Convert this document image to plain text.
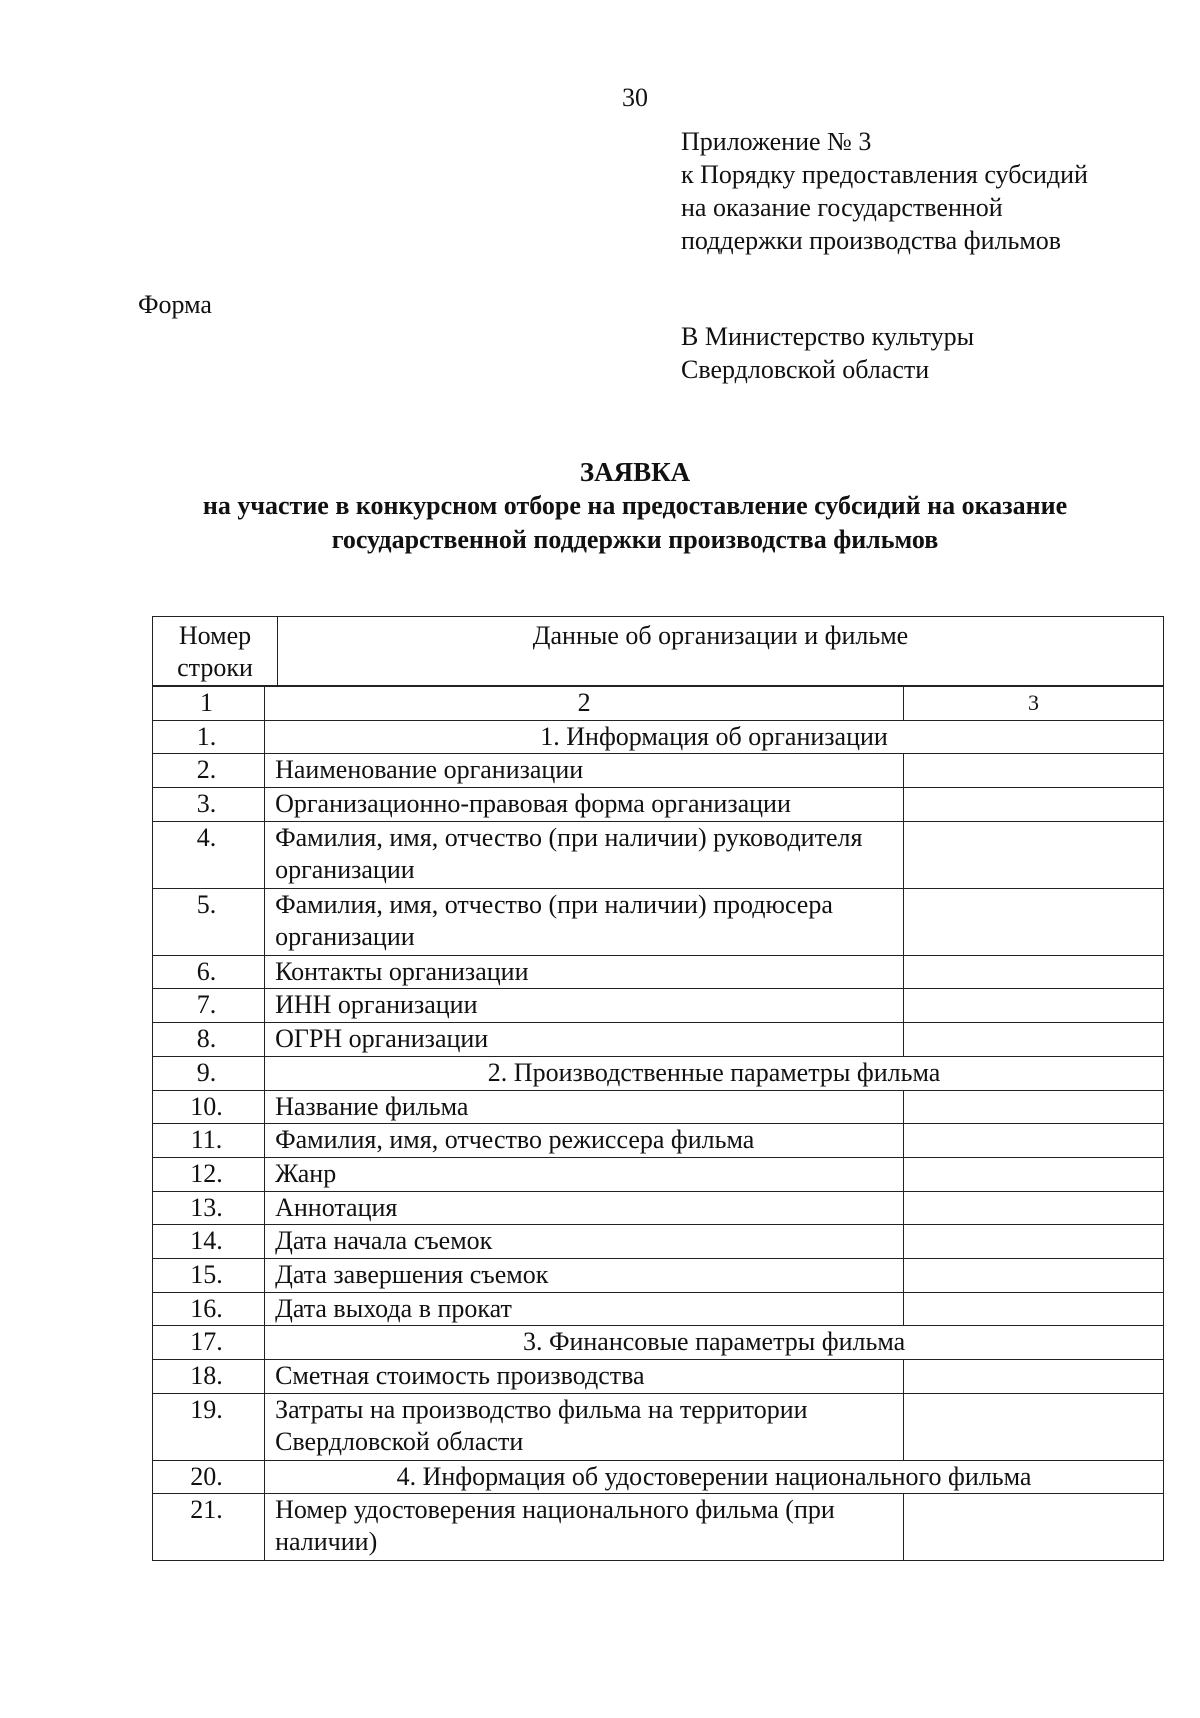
30
Приложение № 3
к Порядку предоставления субсидий
на оказание государственной
поддержки производства фильмов
Форма
В Министерство культуры
Свердловской области
ЗАЯВКА
на участие в конкурсном отборе на предоставление субсидий на оказание
государственной поддержки производства фильмов
Номер строки	Данные об организации и фильме
1	2	3
1.	1. Информация об организации	
2.	Наименование организации	
3.	Организационно-правовая форма организации	
4.	Фамилия, имя, отчество (при наличии) руководителя организации	
5.	Фамилия, имя, отчество (при наличии) продюсера организации	
6.	Контакты организации	
7.	ИНН организации	
8.	ОГРН организации	
9.	2. Производственные параметры фильма	
10.	Название фильма	
11.	Фамилия, имя, отчество режиссера фильма	
12.	Жанр	
13.	Аннотация	
14.	Дата начала съемок	
15.	Дата завершения съемок	
16.	Дата выхода в прокат	
17.	3. Финансовые параметры фильма	
18.	Сметная стоимость производства	
19.	Затраты на производство фильма на территории Свердловской области	
20.	4. Информация об удостоверении национального фильма	
21.	Номер удостоверения национального фильма (при наличии)	
